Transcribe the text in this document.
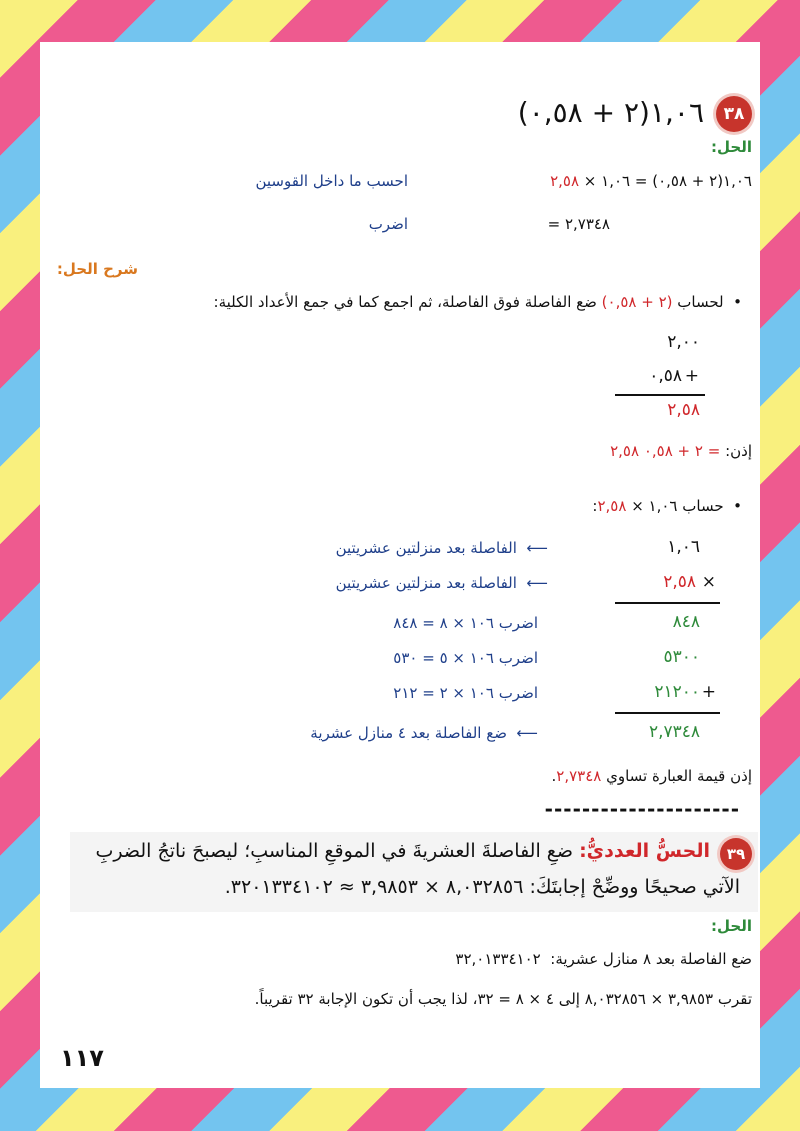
٣٨
١,٠٦(٢ + ٠,٥٨)
الحل:
١,٠٦(٢ + ٠,٥٨) = ١,٠٦ × ٢,٥٨
احسب ما داخل القوسين
= ٢,٧٣٤٨
اضرب
شرح الحل:
•  لحساب (٢ + ٠,٥٨) ضع الفاصلة فوق الفاصلة، ثم اجمع كما في جمع الأعداد الكلية:
٢,٠٠
٠,٥٨ +
٢,٥٨
إذن: ٢ + ٠,٥٨ = ٢,٥٨
•  حساب ١,٠٦ × ٢,٥٨:
١,٠٦
⟵  الفاصلة بعد منزلتين عشريتين
٢,٥٨ ×
⟵  الفاصلة بعد منزلتين عشريتين
٨٤٨
اضرب ١٠٦ × ٨ = ٨٤٨
٥٣٠٠
اضرب ١٠٦ × ٥ = ٥٣٠
٢١٢٠٠ +
اضرب ١٠٦ × ٢ = ٢١٢
٢,٧٣٤٨
⟵  ضع الفاصلة بعد ٤ منازل عشرية
إذن قيمة العبارة تساوي ٢,٧٣٤٨.
---------------------
٣٩
الحسُّ العدديُّ: ضعِ الفاصلةَ العشريةَ في الموقعِ المناسبِ؛ ليصبحَ ناتجُ الضربِ
الآتي صحيحًا ووضِّحْ إجابتَكَ: ٨,٠٣٢٨٥٦ × ٣,٩٨٥٣ ≈ ٣٢٠١٣٣٤١٠٢.
الحل:
ضع الفاصلة بعد ٨ منازل عشرية:  ٣٢,٠١٣٣٤١٠٢
تقرب ٣,٩٨٥٣ × ٨,٠٣٢٨٥٦ إلى ٤ × ٨ = ٣٢، لذا يجب أن تكون الإجابة ٣٢ تقريباً.
١١٧
